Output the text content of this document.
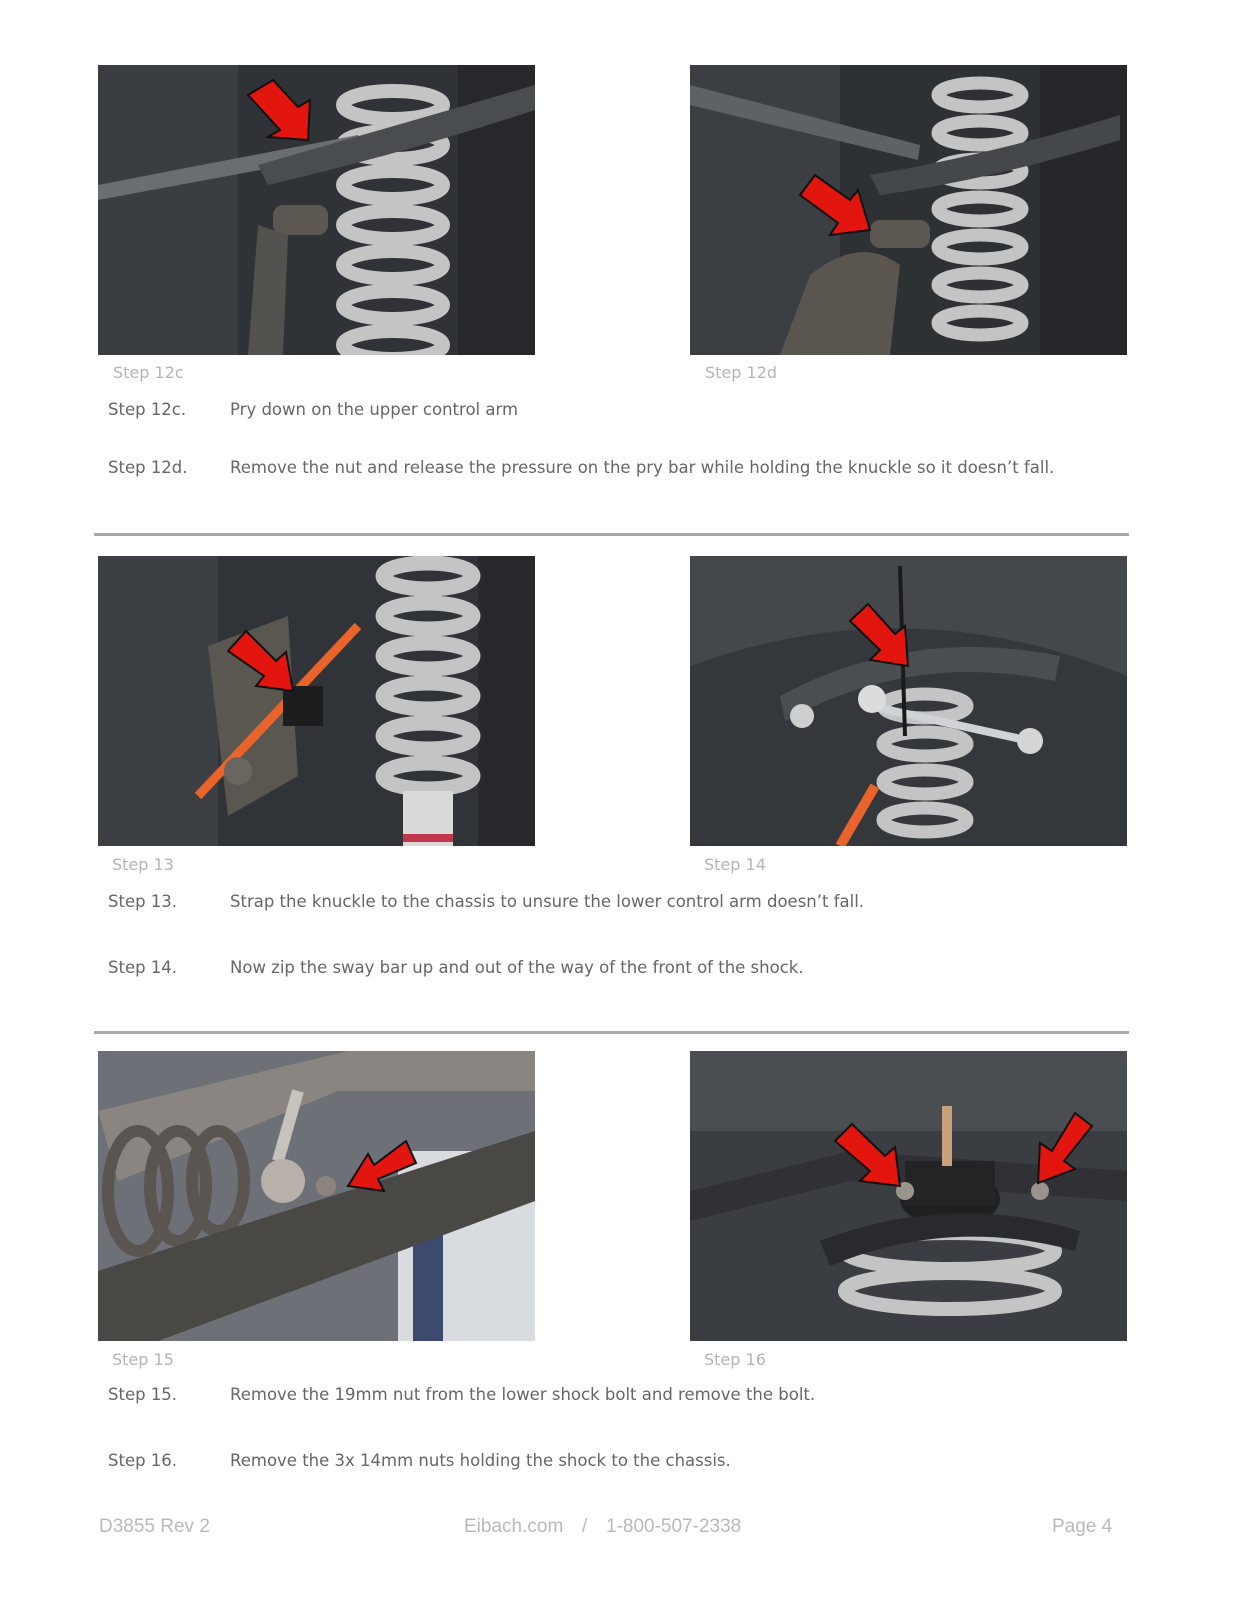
Step 12c	Step 12d
Step 12c.	Pry down on the upper control arm
Step 12d.	Remove the nut and release the pressure on the pry bar while holding the knuckle so it doesn’t fall.
Step 13	Step 14
Step 13.	Strap the knuckle to the chassis to unsure the lower control arm doesn’t fall.
Step 14.	Now zip the sway bar up and out of the way of the front of the shock.
Step 15	Step 16
Step 15.	Remove the 19mm nut from the lower shock bolt and remove the bolt.
Step 16.	Remove the 3x 14mm nuts holding the shock to the chassis.
D3855 Rev 2	Eibach.com / 1-800-507-2338	Page 4
